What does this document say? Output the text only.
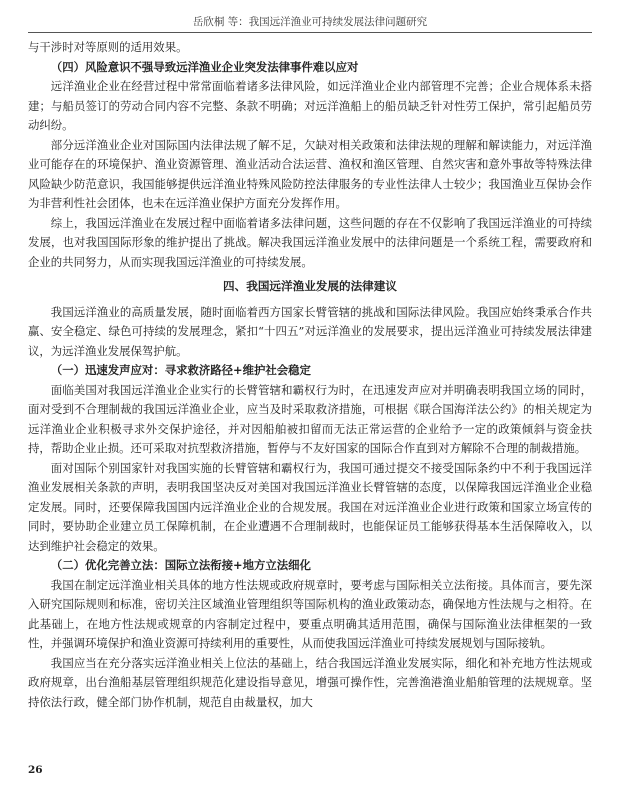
岳欣桐 等：我国远洋渔业可持续发展法律问题研究

与干涉时对等原则的适用效果。

（四）风险意识不强导致远洋渔业企业突发法律事件难以应对

远洋渔业企业在经营过程中常常面临着诸多法律风险，如远洋渔业企业内部管理不完善；企业合规体系未搭建；与船员签订的劳动合同内容不完整、条款不明确；对远洋渔船上的船员缺乏针对性劳工保护，常引起船员劳动纠纷。

部分远洋渔业企业对国际国内法律法规了解不足，欠缺对相关政策和法律法规的理解和解读能力，对远洋渔业可能存在的环境保护、渔业资源管理、渔业活动合法运营、渔权和渔区管理、自然灾害和意外事故等特殊法律风险缺少防范意识，我国能够提供远洋渔业特殊风险防控法律服务的专业性法律人士较少；我国渔业互保协会作为非营利性社会团体，也未在远洋渔业保护方面充分发挥作用。

综上，我国远洋渔业在发展过程中面临着诸多法律问题，这些问题的存在不仅影响了我国远洋渔业的可持续发展，也对我国国际形象的维护提出了挑战。解决我国远洋渔业发展中的法律问题是一个系统工程，需要政府和企业的共同努力，从而实现我国远洋渔业的可持续发展。

四、我国远洋渔业发展的法律建议

我国远洋渔业的高质量发展，随时面临着西方国家长臂管辖的挑战和国际法律风险。我国应始终秉承合作共赢、安全稳定、绿色可持续的发展理念，紧扣“十四五”对远洋渔业的发展要求，提出远洋渔业可持续发展法律建议，为远洋渔业发展保驾护航。

（一）迅速发声应对：寻求救济路径+维护社会稳定

面临美国对我国远洋渔业企业实行的长臂管辖和霸权行为时，在迅速发声应对并明确表明我国立场的同时，面对受到不合理制裁的我国远洋渔业企业，应当及时采取救济措施，可根据《联合国海洋法公约》的相关规定为远洋渔业企业积极寻求外交保护途径，并对因船舶被扣留而无法正常运营的企业给予一定的政策倾斜与资金扶持，帮助企业止损。还可采取对抗型救济措施，暂停与不友好国家的国际合作直到对方解除不合理的制裁措施。

面对国际个别国家针对我国实施的长臂管辖和霸权行为，我国可通过提交不接受国际条约中不利于我国远洋渔业发展相关条款的声明，表明我国坚决反对美国对我国远洋渔业长臂管辖的态度，以保障我国远洋渔业企业稳定发展。同时，还要保障我国国内远洋渔业企业的合规发展。我国在对远洋渔业企业进行政策和国家立场宣传的同时，要协助企业建立员工保障机制，在企业遭遇不合理制裁时，也能保证员工能够获得基本生活保障收入，以达到维护社会稳定的效果。

（二）优化完善立法：国际立法衔接+地方立法细化

我国在制定远洋渔业相关具体的地方性法规或政府规章时，要考虑与国际相关立法衔接。具体而言，要先深入研究国际规则和标准，密切关注区域渔业管理组织等国际机构的渔业政策动态，确保地方性法规与之相符。在此基础上，在地方性法规或规章的内容制定过程中，要重点明确其适用范围，确保与国际渔业法律框架的一致性，并强调环境保护和渔业资源可持续利用的重要性，从而使我国远洋渔业可持续发展规划与国际接轨。

我国应当在充分落实远洋渔业相关上位法的基础上，结合我国远洋渔业发展实际，细化和补充地方性法规或政府规章，出台渔船基层管理组织规范化建设指导意见，增强可操作性，完善渔港渔业船舶管理的法规规章。坚持依法行政，健全部门协作机制，规范自由裁量权，加大

26
